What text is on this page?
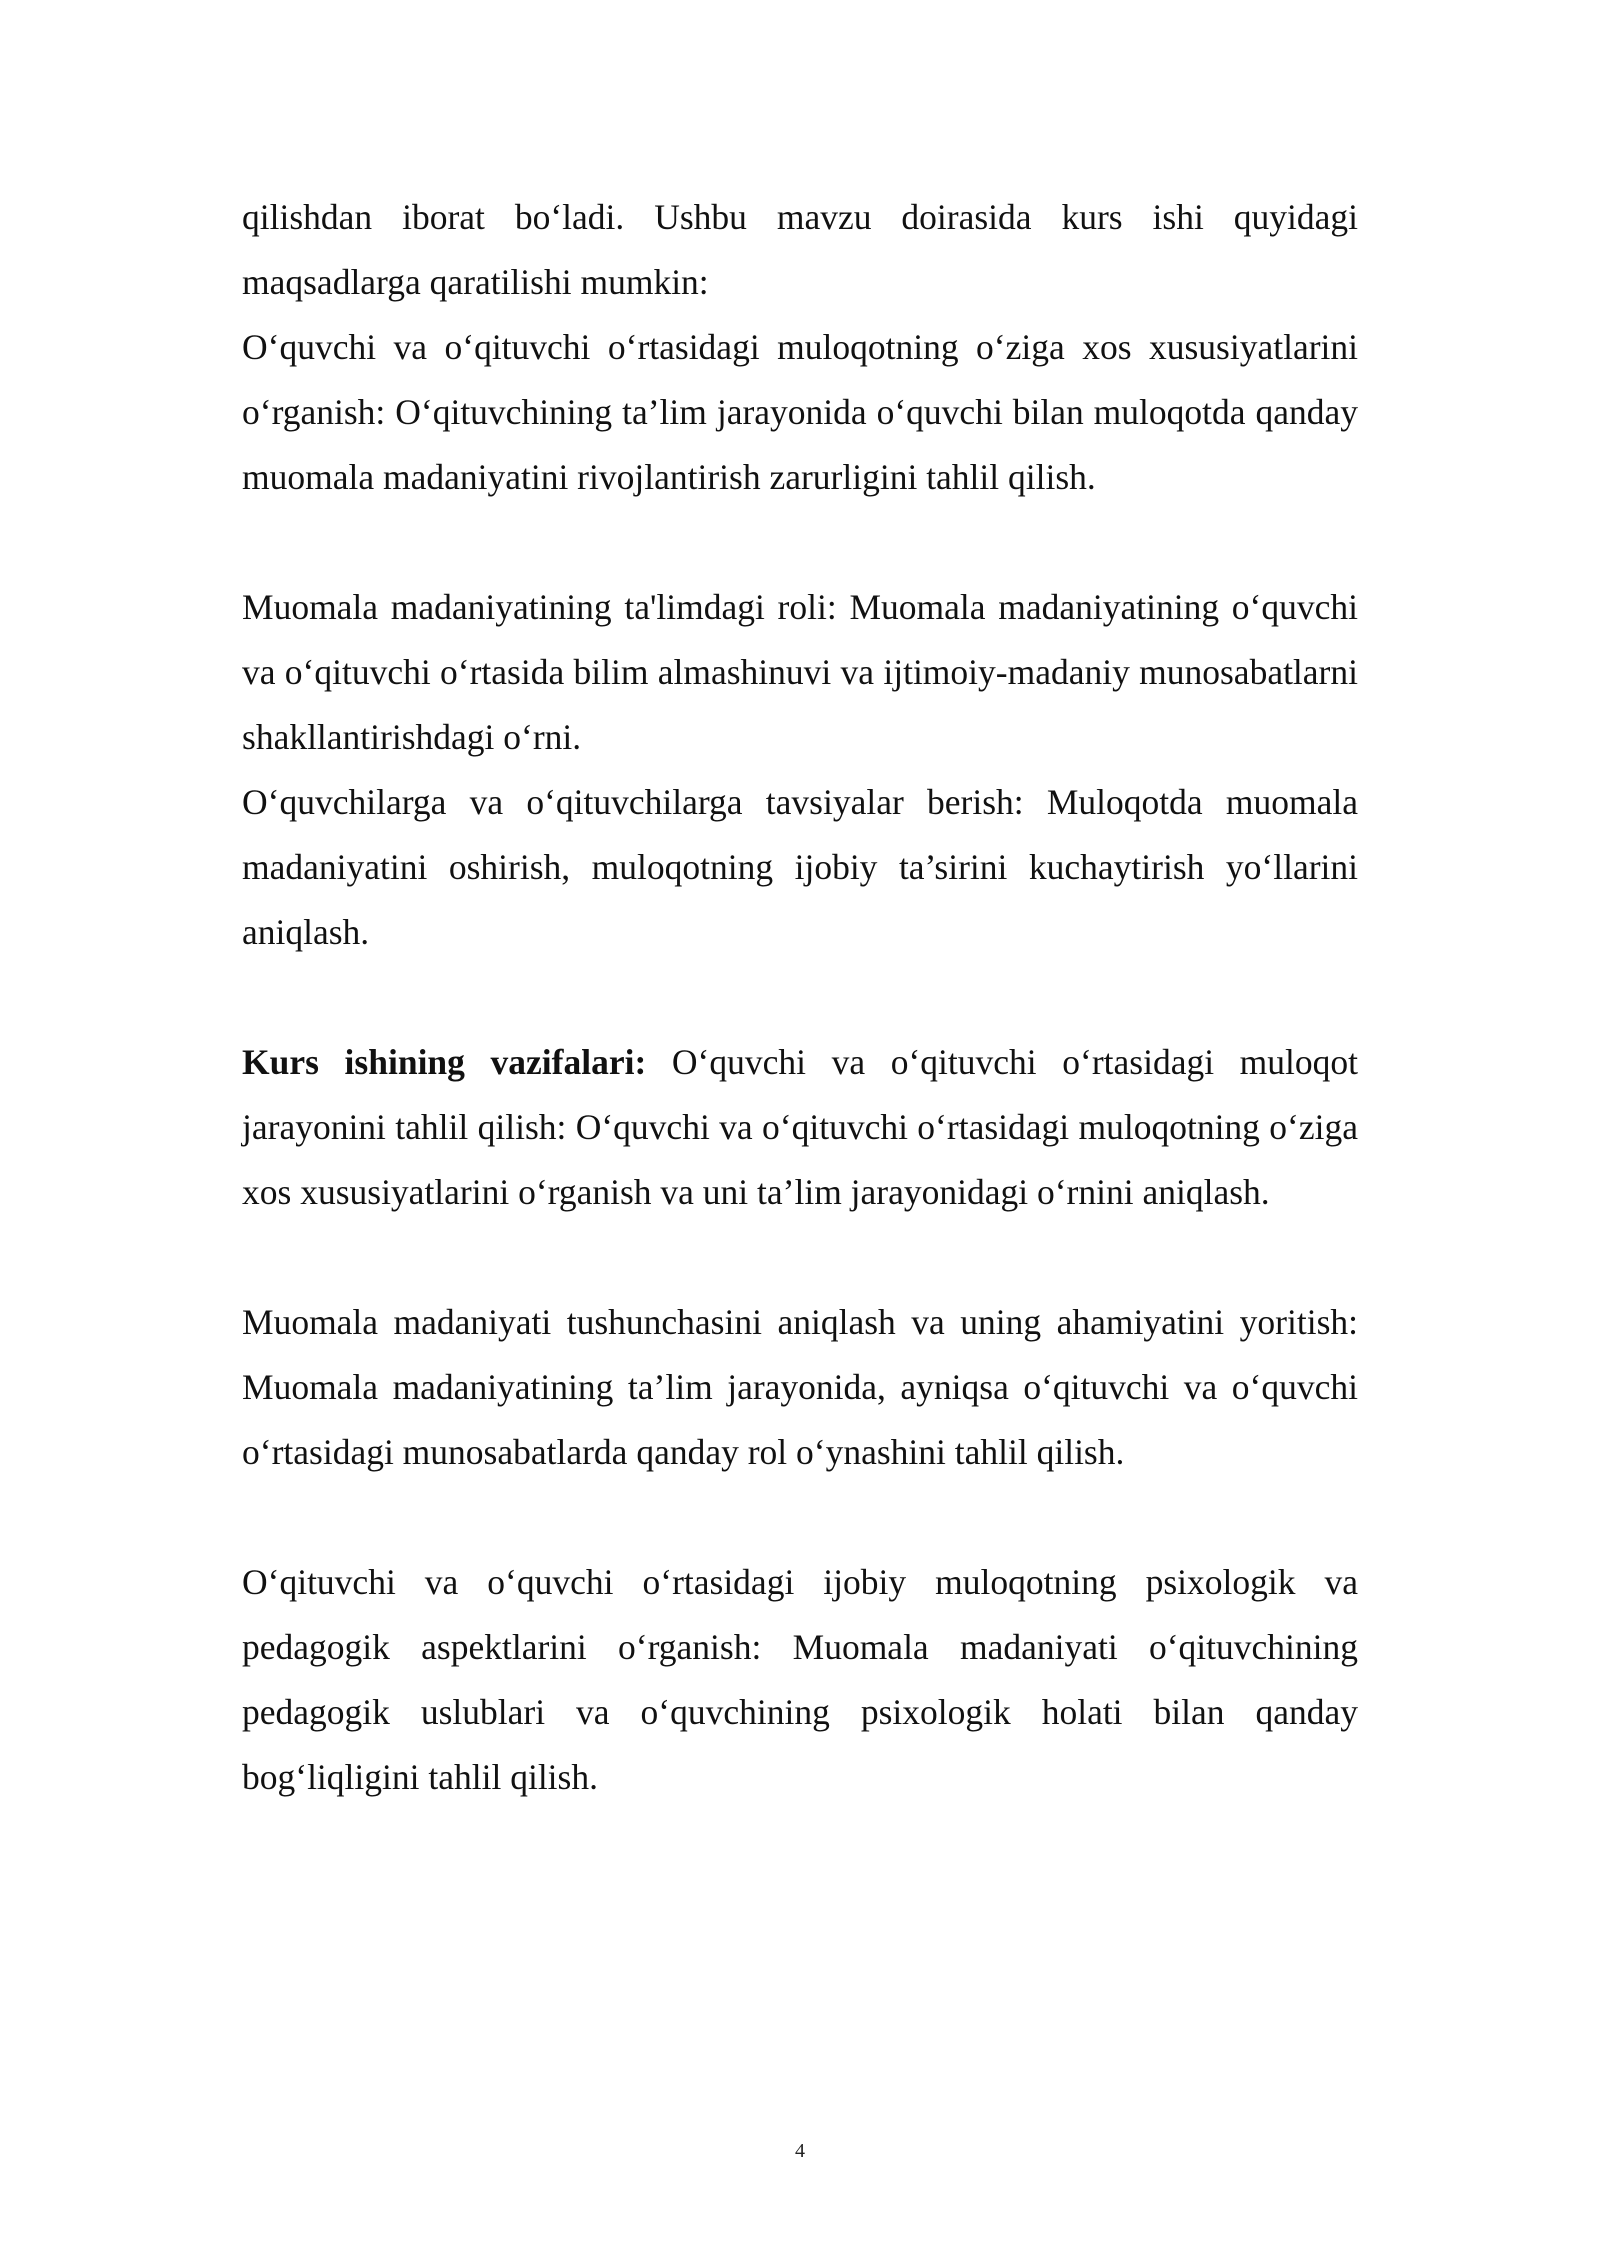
qilishdan iborat bo‘ladi. Ushbu mavzu doirasida kurs ishi quyidagi maqsadlarga qaratilishi mumkin:

O‘quvchi va o‘qituvchi o‘rtasidagi muloqotning o‘ziga xos xususiyatlarini o‘rganish: O‘qituvchining ta’lim jarayonida o‘quvchi bilan muloqotda qanday muomala madaniyatini rivojlantirish zarurligini tahlil qilish.

Muomala madaniyatining ta'limdagi roli: Muomala madaniyatining o‘quvchi va o‘qituvchi o‘rtasida bilim almashinuvi va ijtimoiy-madaniy munosabatlarni shakllantirishdagi o‘rni.

O‘quvchilarga va o‘qituvchilarga tavsiyalar berish: Muloqotda muomala madaniyatini oshirish, muloqotning ijobiy ta’sirini kuchaytirish yo‘llarini aniqlash.

Kurs ishining vazifalari: O‘quvchi va o‘qituvchi o‘rtasidagi muloqot jarayonini tahlil qilish: O‘quvchi va o‘qituvchi o‘rtasidagi muloqotning o‘ziga xos xususiyatlarini o‘rganish va uni ta’lim jarayonidagi o‘rnini aniqlash.

Muomala madaniyati tushunchasini aniqlash va uning ahamiyatini yoritish: Muomala madaniyatining ta’lim jarayonida, ayniqsa o‘qituvchi va o‘quvchi o‘rtasidagi munosabatlarda qanday rol o‘ynashini tahlil qilish.

O‘qituvchi va o‘quvchi o‘rtasidagi ijobiy muloqotning psixologik va pedagogik aspektlarini o‘rganish: Muomala madaniyati o‘qituvchining pedagogik uslublari va o‘quvchining psixologik holati bilan qanday bog‘liqligini tahlil qilish.

4
